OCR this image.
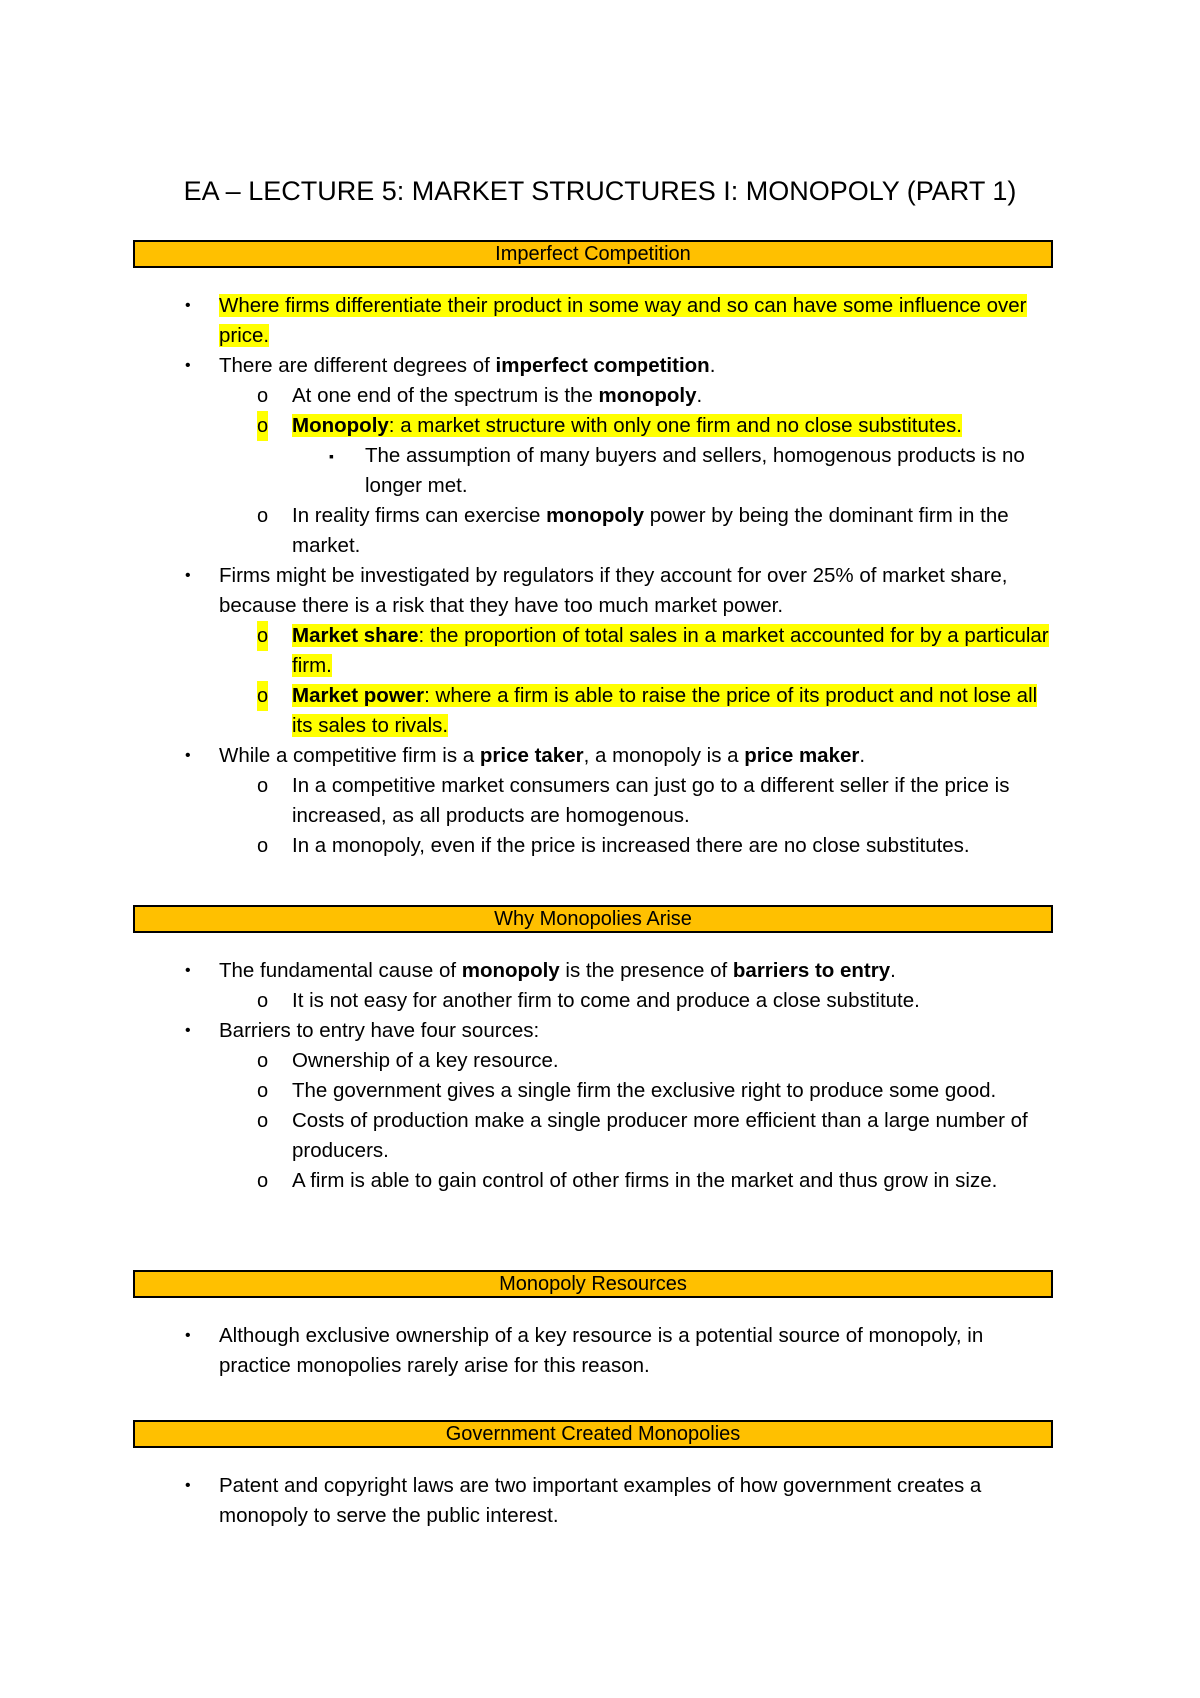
EA – LECTURE 5: MARKET STRUCTURES I: MONOPOLY (PART 1)
Imperfect Competition
• Where firms differentiate their product in some way and so can have some influence over price.
• There are different degrees of imperfect competition.
o At one end of the spectrum is the monopoly.
o Monopoly: a market structure with only one firm and no close substitutes.
▪ The assumption of many buyers and sellers, homogenous products is no longer met.
o In reality firms can exercise monopoly power by being the dominant firm in the market.
• Firms might be investigated by regulators if they account for over 25% of market share, because there is a risk that they have too much market power.
o Market share: the proportion of total sales in a market accounted for by a particular firm.
o Market power: where a firm is able to raise the price of its product and not lose all its sales to rivals.
• While a competitive firm is a price taker, a monopoly is a price maker.
o In a competitive market consumers can just go to a different seller if the price is increased, as all products are homogenous.
o In a monopoly, even if the price is increased there are no close substitutes.
Why Monopolies Arise
• The fundamental cause of monopoly is the presence of barriers to entry.
o It is not easy for another firm to come and produce a close substitute.
• Barriers to entry have four sources:
o Ownership of a key resource.
o The government gives a single firm the exclusive right to produce some good.
o Costs of production make a single producer more efficient than a large number of producers.
o A firm is able to gain control of other firms in the market and thus grow in size.
Monopoly Resources
• Although exclusive ownership of a key resource is a potential source of monopoly, in practice monopolies rarely arise for this reason.
Government Created Monopolies
• Patent and copyright laws are two important examples of how government creates a monopoly to serve the public interest.
